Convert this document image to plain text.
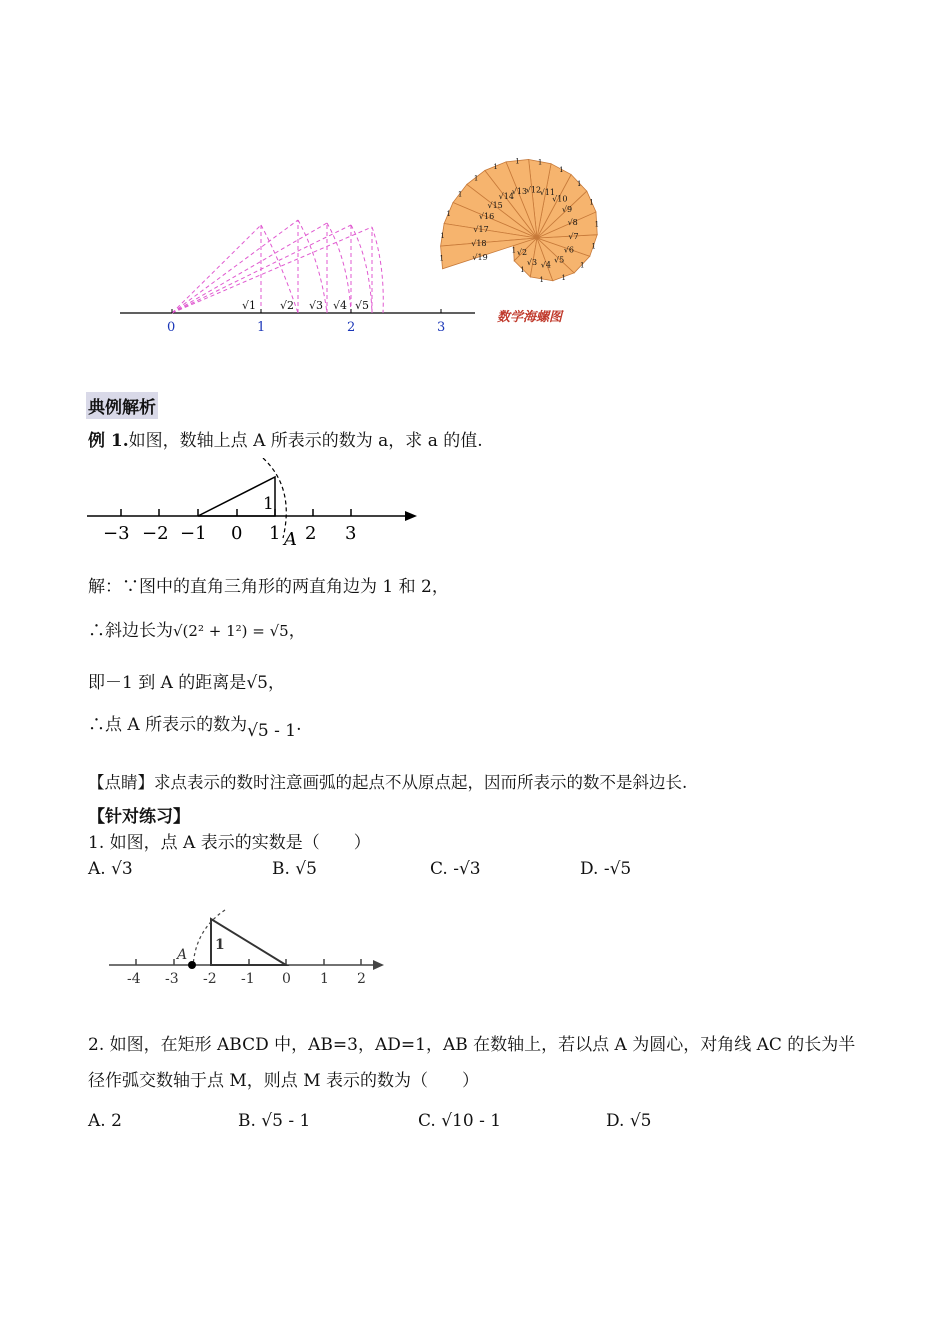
√1 √2 √3 √4 √5
0	1	2	3
√2
1
√3
1
√4
1
√5
1
√6
1
√7
1
√8 1
√9
1
√10
1
√11
1
√12
1
√13
1
√14
1
√15
1
√16
1
√17
1
√18
1
√19
1
数学海螺图
典例解析
例 1.如图，数轴上点 A 所表示的数为 a，求 a 的值.
1
−3 −2 −1 0 1 A 2 3
解：∵图中的直角三角形的两直角边为 1 和 2，
∴斜边长为√(2² + 1²) = √5，
即－1 到 A 的距离是√5，
∴点 A 所表示的数为√5 - 1.
【点睛】求点表示的数时注意画弧的起点不从原点起，因而所表示的数不是斜边长.
【针对练习】
1. 如图，点 A 表示的实数是（　　）
A. √3	B. √5	C. -√3	D. -√5
1
A
-4 -3 -2 -1 0 1 2
2. 如图，在矩形 ABCD 中，AB=3，AD=1，AB 在数轴上，若以点 A 为圆心，对角线 AC 的长为半
径作弧交数轴于点 M，则点 M 表示的数为（　　）
A. 2	B. √5 - 1	C. √10 - 1	D. √5
